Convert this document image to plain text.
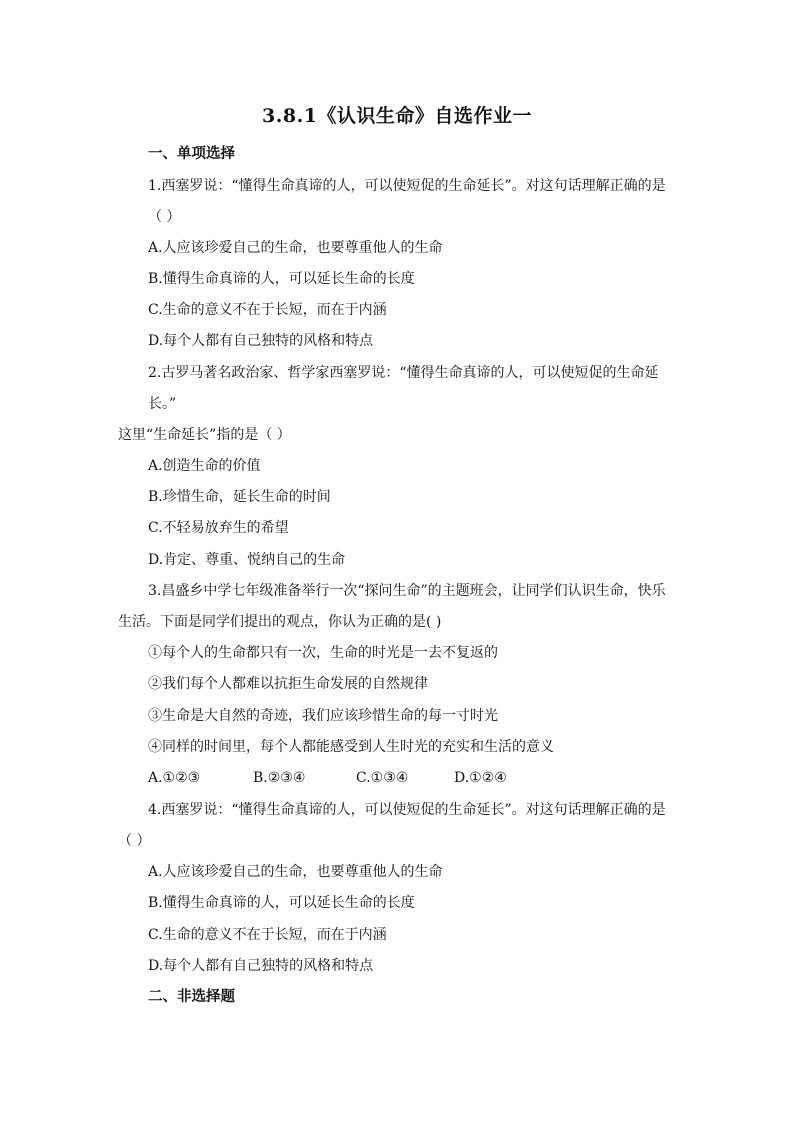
3.8.1《认识生命》自选作业一
一、单项选择
1.西塞罗说：“懂得生命真谛的人，可以使短促的生命延长”。对这句话理解正确的是
（ ）
A.人应该珍爱自己的生命，也要尊重他人的生命
B.懂得生命真谛的人，可以延长生命的长度
C.生命的意义不在于长短，而在于内涵
D.每个人都有自己独特的风格和特点
2.古罗马著名政治家、哲学家西塞罗说：“懂得生命真谛的人，可以使短促的生命延
长。”
这里“生命延长”指的是（ ）
A.创造生命的价值
B.珍惜生命，延长生命的时间
C.不轻易放弃生的希望
D.肯定、尊重、悦纳自己的生命
3.昌盛乡中学七年级准备举行一次“探问生命”的主题班会，让同学们认识生命，快乐
生活。下面是同学们提出的观点，你认为正确的是( )
①每个人的生命都只有一次，生命的时光是一去不复返的
②我们每个人都难以抗拒生命发展的自然规律
③生命是大自然的奇迹，我们应该珍惜生命的每一寸时光
④同样的时间里，每个人都能感受到人生时光的充实和生活的意义
A.①②③	B.②③④	C.①③④	D.①②④
4.西塞罗说：“懂得生命真谛的人，可以使短促的生命延长”。对这句话理解正确的是
（ ）
A.人应该珍爱自己的生命，也要尊重他人的生命
B.懂得生命真谛的人，可以延长生命的长度
C.生命的意义不在于长短，而在于内涵
D.每个人都有自己独特的风格和特点
二、非选择题
